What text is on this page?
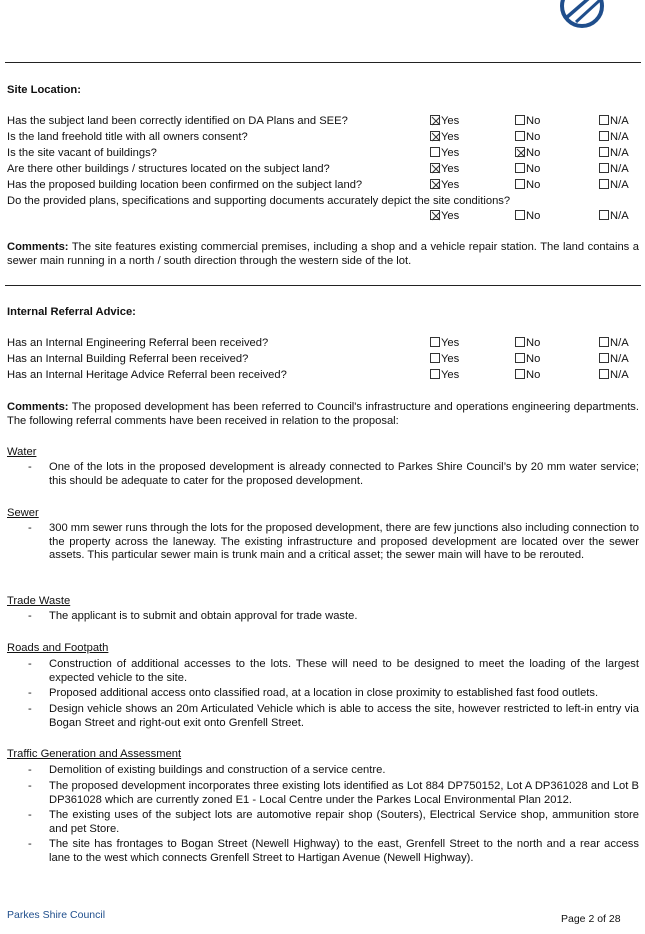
Site Location:
Has the subject land been correctly identified on DA Plans and SEE?	Yes	No	N/A
Is the land freehold title with all owners consent?	Yes	No	N/A
Is the site vacant of buildings?	Yes	No	N/A
Are there other buildings / structures located on the subject land?	Yes	No	N/A
Has the proposed building location been confirmed on the subject land?	Yes	No	N/A
Do the provided plans, specifications and supporting documents accurately depict the site conditions?
Yes	No	N/A
Comments: The site features existing commercial premises, including a shop and a vehicle repair station. The land contains a sewer main running in a north / south direction through the western side of the lot.
Internal Referral Advice:
Has an Internal Engineering Referral been received?	Yes	No	N/A
Has an Internal Building Referral been received?	Yes	No	N/A
Has an Internal Heritage Advice Referral been received?	Yes	No	N/A
Comments: The proposed development has been referred to Council's infrastructure and operations engineering departments. The following referral comments have been received in relation to the proposal:
Water
- One of the lots in the proposed development is already connected to Parkes Shire Council’s by 20 mm water service; this should be adequate to cater for the proposed development.
Sewer
- 300 mm sewer runs through the lots for the proposed development, there are few junctions also including connection to the property across the laneway. The existing infrastructure and proposed development are located over the sewer assets. This particular sewer main is trunk main and a critical asset; the sewer main will have to be rerouted.
Trade Waste
- The applicant is to submit and obtain approval for trade waste.
Roads and Footpath
- Construction of additional accesses to the lots. These will need to be designed to meet the loading of the largest expected vehicle to the site.
- Proposed additional access onto classified road, at a location in close proximity to established fast food outlets.
- Design vehicle shows an 20m Articulated Vehicle which is able to access the site, however restricted to left-in entry via Bogan Street and right-out exit onto Grenfell Street.
Traffic Generation and Assessment
- Demolition of existing buildings and construction of a service centre.
- The proposed development incorporates three existing lots identified as Lot 884 DP750152, Lot A DP361028 and Lot B DP361028 which are currently zoned E1 - Local Centre under the Parkes Local Environmental Plan 2012.
- The existing uses of the subject lots are automotive repair shop (Souters), Electrical Service shop, ammunition store and pet Store.
- The site has frontages to Bogan Street (Newell Highway) to the east, Grenfell Street to the north and a rear access lane to the west which connects Grenfell Street to Hartigan Avenue (Newell Highway).
Parkes Shire Council	Page 2 of 28
